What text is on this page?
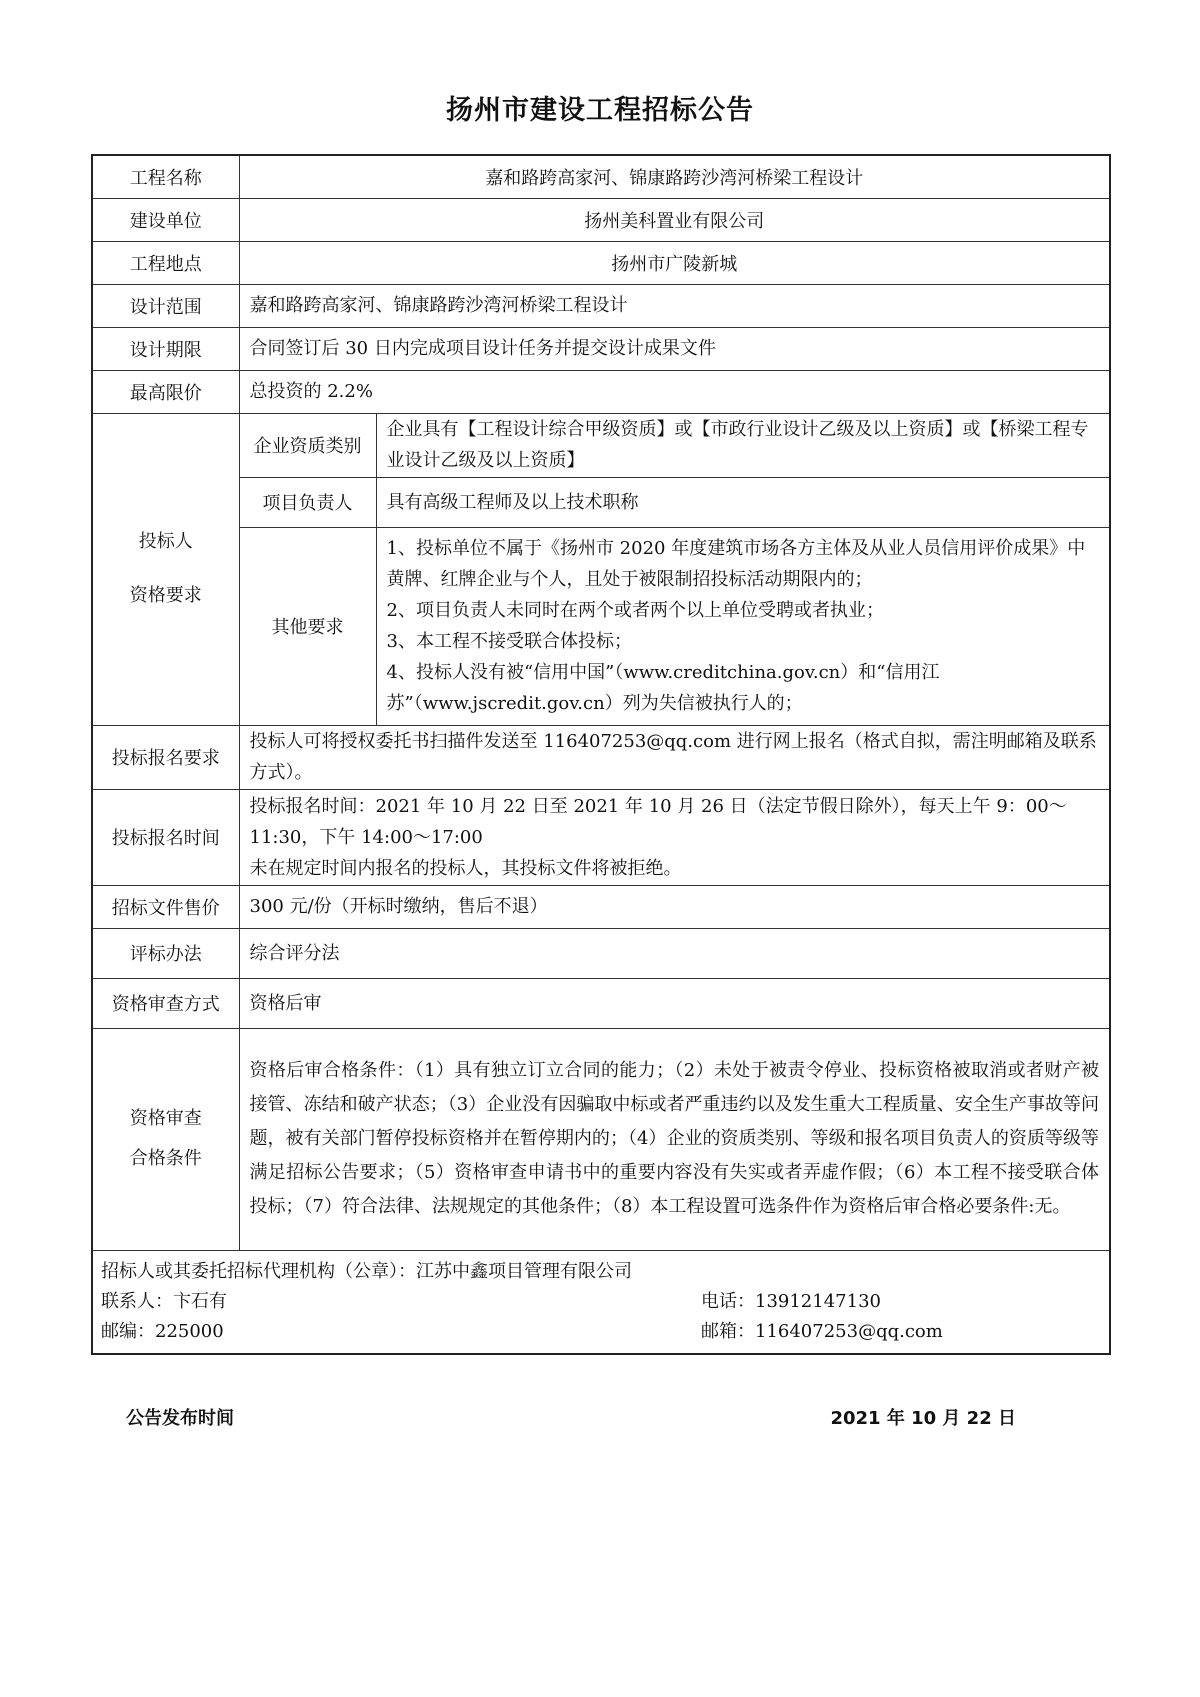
扬州市建设工程招标公告
工程名称	嘉和路跨高家河、锦康路跨沙湾河桥梁工程设计	
建设单位	扬州美科置业有限公司	
工程地点	扬州市广陵新城	
设计范围	嘉和路跨高家河、锦康路跨沙湾河桥梁工程设计	
设计期限	合同签订后 30 日内完成项目设计任务并提交设计成果文件	
最高限价	总投资的 2.2%	

投标人
资格要求	企业资质类别	企业具有【工程设计综合甲级资质】或【市政行业设计乙级及以上资质】或【桥梁工程专业设计乙级及以上资质】
	项目负责人	具有高级工程师及以上技术职称
	其他要求	1、投标单位不属于《扬州市 2020 年度建筑市场各方主体及从业人员信用评价成果》中黄牌、红牌企业与个人，且处于被限制招投标活动期限内的；
2、项目负责人未同时在两个或者两个以上单位受聘或者执业；
3、本工程不接受联合体投标；
4、投标人没有被“信用中国”（www.creditchina.gov.cn）和“信用江苏”（www.jscredit.gov.cn）列为失信被执行人的；

投标报名要求	投标人可将授权委托书扫描件发送至 116407253@qq.com 进行网上报名（格式自拟，需注明邮箱及联系方式）。	
投标报名时间	投标报名时间：2021 年 10 月 22 日至 2021 年 10 月 26 日（法定节假日除外），每天上午 9：00～11:30，下午 14:00～17:00
未在规定时间内报名的投标人，其投标文件将被拒绝。	

招标文件售价	300 元/份（开标时缴纳，售后不退）	
评标办法	综合评分法	
资格审查方式	资格后审	

资格审查
合格条件	资格后审合格条件：（1）具有独立订立合同的能力；（2）未处于被责令停业、投标资格被取消或者财产被接管、冻结和破产状态；（3）企业没有因骗取中标或者严重违约以及发生重大工程质量、安全生产事故等问题，被有关部门暂停投标资格并在暂停期内的；（4）企业的资质类别、等级和报名项目负责人的资质等级等满足招标公告要求；（5）资格审查申请书中的重要内容没有失实或者弄虚作假；（6）本工程不接受联合体投标；（7）符合法律、法规规定的其他条件；（8）本工程设置可选条件作为资格后审合格必要条件:无。	

招标人或其委托招标代理机构（公章）：江苏中鑫项目管理有限公司
联系人：卞石有 电话：13912147130
邮编：225000 邮箱：116407253@qq.com		
公告发布时间	2021 年 10 月 22 日
